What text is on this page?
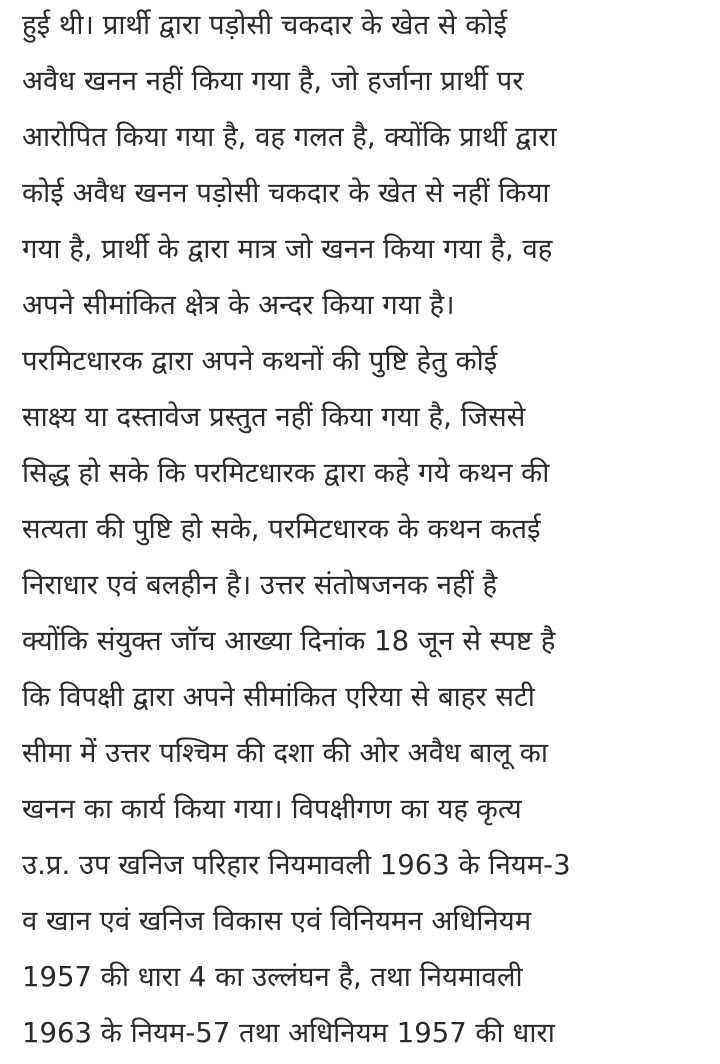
हुई थी। प्रार्थी द्वारा पड़ोसी चकदार के खेत से कोई
अवैध खनन नहीं किया गया है, जो हर्जाना प्रार्थी पर
आरोपित किया गया है, वह गलत है, क्योंकि प्रार्थी द्वारा
कोई अवैध खनन पड़ोसी चकदार के खेत से नहीं किया
गया है, प्रार्थी के द्वारा मात्र जो खनन किया गया है, वह
अपने सीमांकित क्षेत्र के अन्दर किया गया है।
परमिटधारक द्वारा अपने कथनों की पुष्टि हेतु कोई
साक्ष्य या दस्तावेज प्रस्तुत नहीं किया गया है, जिससे
सिद्ध हो सके कि परमिटधारक द्वारा कहे गये कथन की
सत्यता की पुष्टि हो सके, परमिटधारक के कथन कतई
निराधार एवं बलहीन है। उत्तर संतोषजनक नहीं है
क्योंकि संयुक्त जॉच आख्या दिनांक 18 जून से स्पष्ट है
कि विपक्षी द्वारा अपने सीमांकित एरिया से बाहर सटी
सीमा में उत्तर पश्चिम की दशा की ओर अवैध बालू का
खनन का कार्य किया गया। विपक्षीगण का यह कृत्य
उ.प्र. उप खनिज परिहार नियमावली 1963 के नियम-3
व खान एवं खनिज विकास एवं विनियमन अधिनियम
1957 की धारा 4 का उल्लंघन है, तथा नियमावली
1963 के नियम-57 तथा अधिनियम 1957 की धारा
